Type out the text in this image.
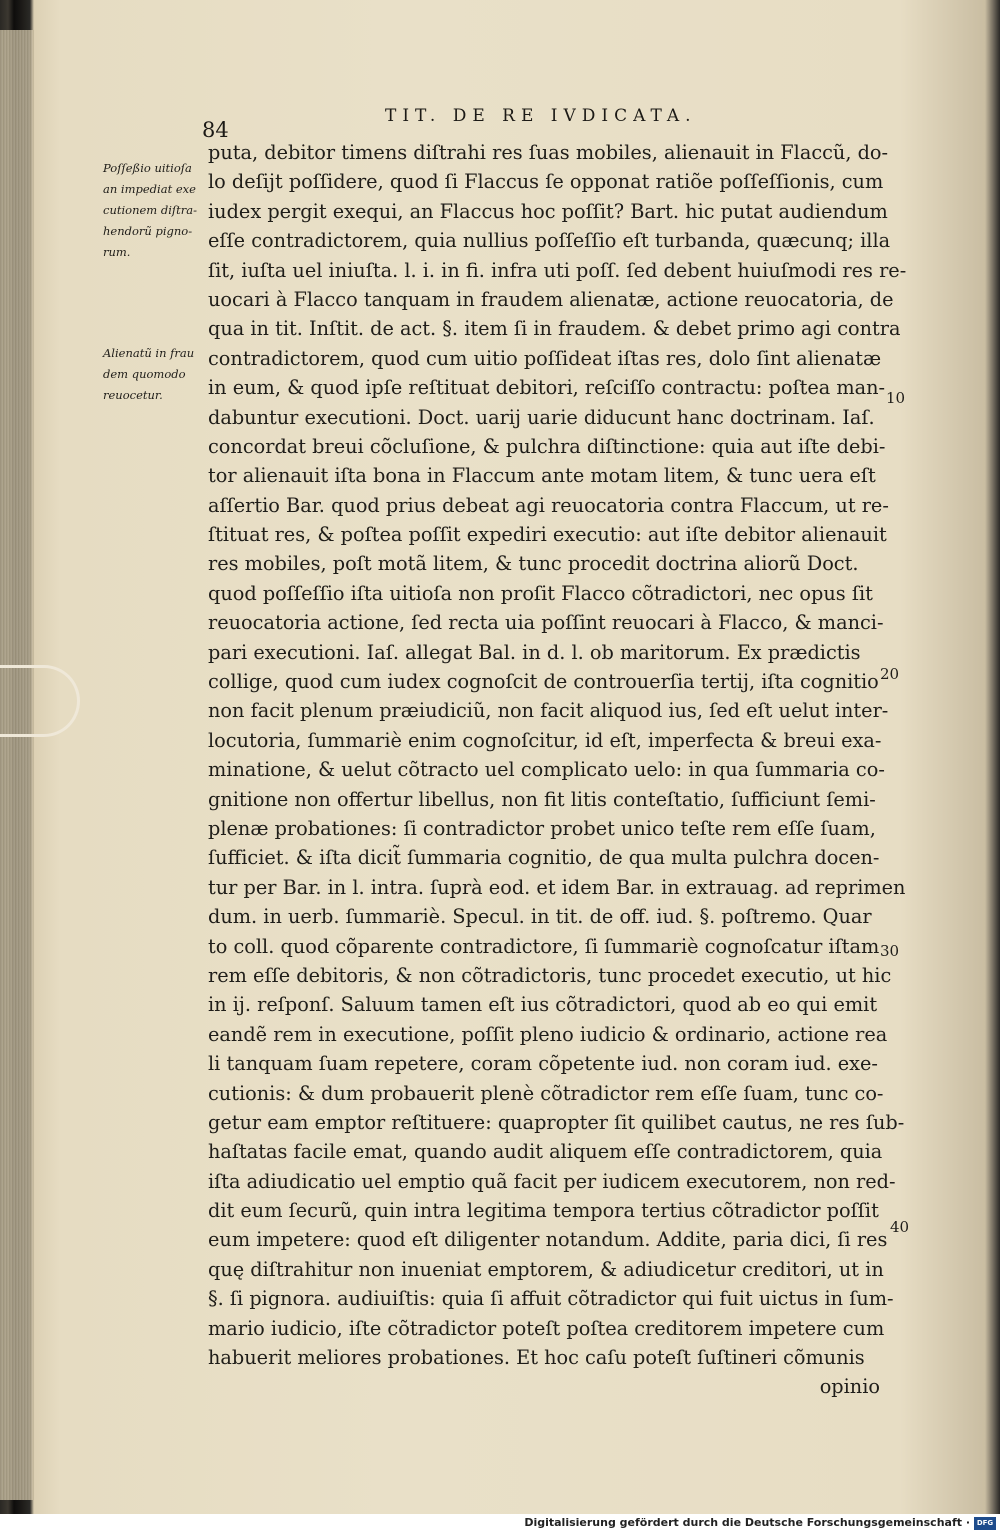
84
TIT. DE RE IVDICATA.
Poſſeßio uitioſa
an impediat exe
cutionem diſtra-
hendorũ pigno-
rum.
Alienatũ in frau
dem quomodo
reuocetur.
puta, debitor timens diſtrahi res ſuas mobiles, alienauit in Flaccũ, do-
lo deſijt poſſidere, quod ſi Flaccus ſe opponat ratiõe poſſeſſionis, cum
iudex pergit exequi, an Flaccus hoc poſſit? Bart. hic putat audiendum
eſſe contradictorem, quia nullius poſſeſſio eſt turbanda, quæcunq; illa
ſit, iuſta uel iniuſta. l. i. in fi. infra uti poſſ. ſed debent huiuſmodi res re-
uocari à Flacco tanquam in fraudem alienatæ, actione reuocatoria, de
qua in tit. Inſtit. de act. §. item ſi in fraudem. & debet primo agi contra
contradictorem, quod cum uitio poſſideat iſtas res, dolo ſint alienatæ
in eum, & quod ipſe reſtituat debitori, reſciſſo contractu: poſtea man-
dabuntur executioni. Doct. uarij uarie diducunt hanc doctrinam. Iaſ.
concordat breui cõcluſione, & pulchra diſtinctione: quia aut iſte debi-
tor alienauit iſta bona in Flaccum ante motam litem, & tunc uera eſt
aſſertio Bar. quod prius debeat agi reuocatoria contra Flaccum, ut re-
ſtituat res, & poſtea poſſit expediri executio: aut iſte debitor alienauit
res mobiles, poſt motã litem, & tunc procedit doctrina aliorũ Doct.
quod poſſeſſio iſta uitioſa non proſit Flacco cõtradictori, nec opus ſit
reuocatoria actione, ſed recta uia poſſint reuocari à Flacco, & manci-
pari executioni. Iaſ. allegat Bal. in d. l. ob maritorum. Ex prædictis
collige, quod cum iudex cognoſcit de controuerſia tertij, iſta cognitio
non facit plenum præiudiciũ, non facit aliquod ius, ſed eſt uelut inter-
locutoria, ſummariè enim cognoſcitur, id eſt, imperfecta & breui exa-
minatione, & uelut cõtracto uel complicato uelo: in qua ſummaria co-
gnitione non offertur libellus, non fit litis conteſtatio, ſufficiunt ſemi-
plenæ probationes: ſi contradictor probet unico teſte rem eſſe ſuam,
ſufficiet. & iſta dicit̃ ſummaria cognitio, de qua multa pulchra docen-
tur per Bar. in l. intra. ſuprà eod. et idem Bar. in extrauag. ad reprimen
dum. in uerb. ſummariè. Specul. in tit. de off. iud. §. poſtremo. Quar
to coll. quod cõparente contradictore, ſi ſummariè cognoſcatur iſtam
rem eſſe debitoris, & non cõtradictoris, tunc procedet executio, ut hic
in ij. reſponſ. Saluum tamen eſt ius cõtradictori, quod ab eo qui emit
eandẽ rem in executione, poſſit pleno iudicio & ordinario, actione rea
li tanquam ſuam repetere, coram cõpetente iud. non coram iud. exe-
cutionis: & dum probauerit plenè cõtradictor rem eſſe ſuam, tunc co-
getur eam emptor reſtituere: quapropter ſit quilibet cautus, ne res ſub-
haſtatas facile emat, quando audit aliquem eſſe contradictorem, quia
iſta adiudicatio uel emptio quã facit per iudicem executorem, non red-
dit eum ſecurũ, quin intra legitima tempora tertius cõtradictor poſſit
eum impetere: quod eſt diligenter notandum. Addite, paria dici, ſi res
quę diſtrahitur non inueniat emptorem, & adiudicetur creditori, ut in
§. ſi pignora. audiuiſtis: quia ſi affuit cõtradictor qui fuit uictus in ſum-
mario iudicio, iſte cõtradictor poteſt poſtea creditorem impetere cum
habuerit meliores probationes. Et hoc caſu poteſt ſuſtineri cõmunis
opinio
10
20
30
40
Digitalisierung gefördert durch die Deutsche Forschungsgemeinschaft · DFG
